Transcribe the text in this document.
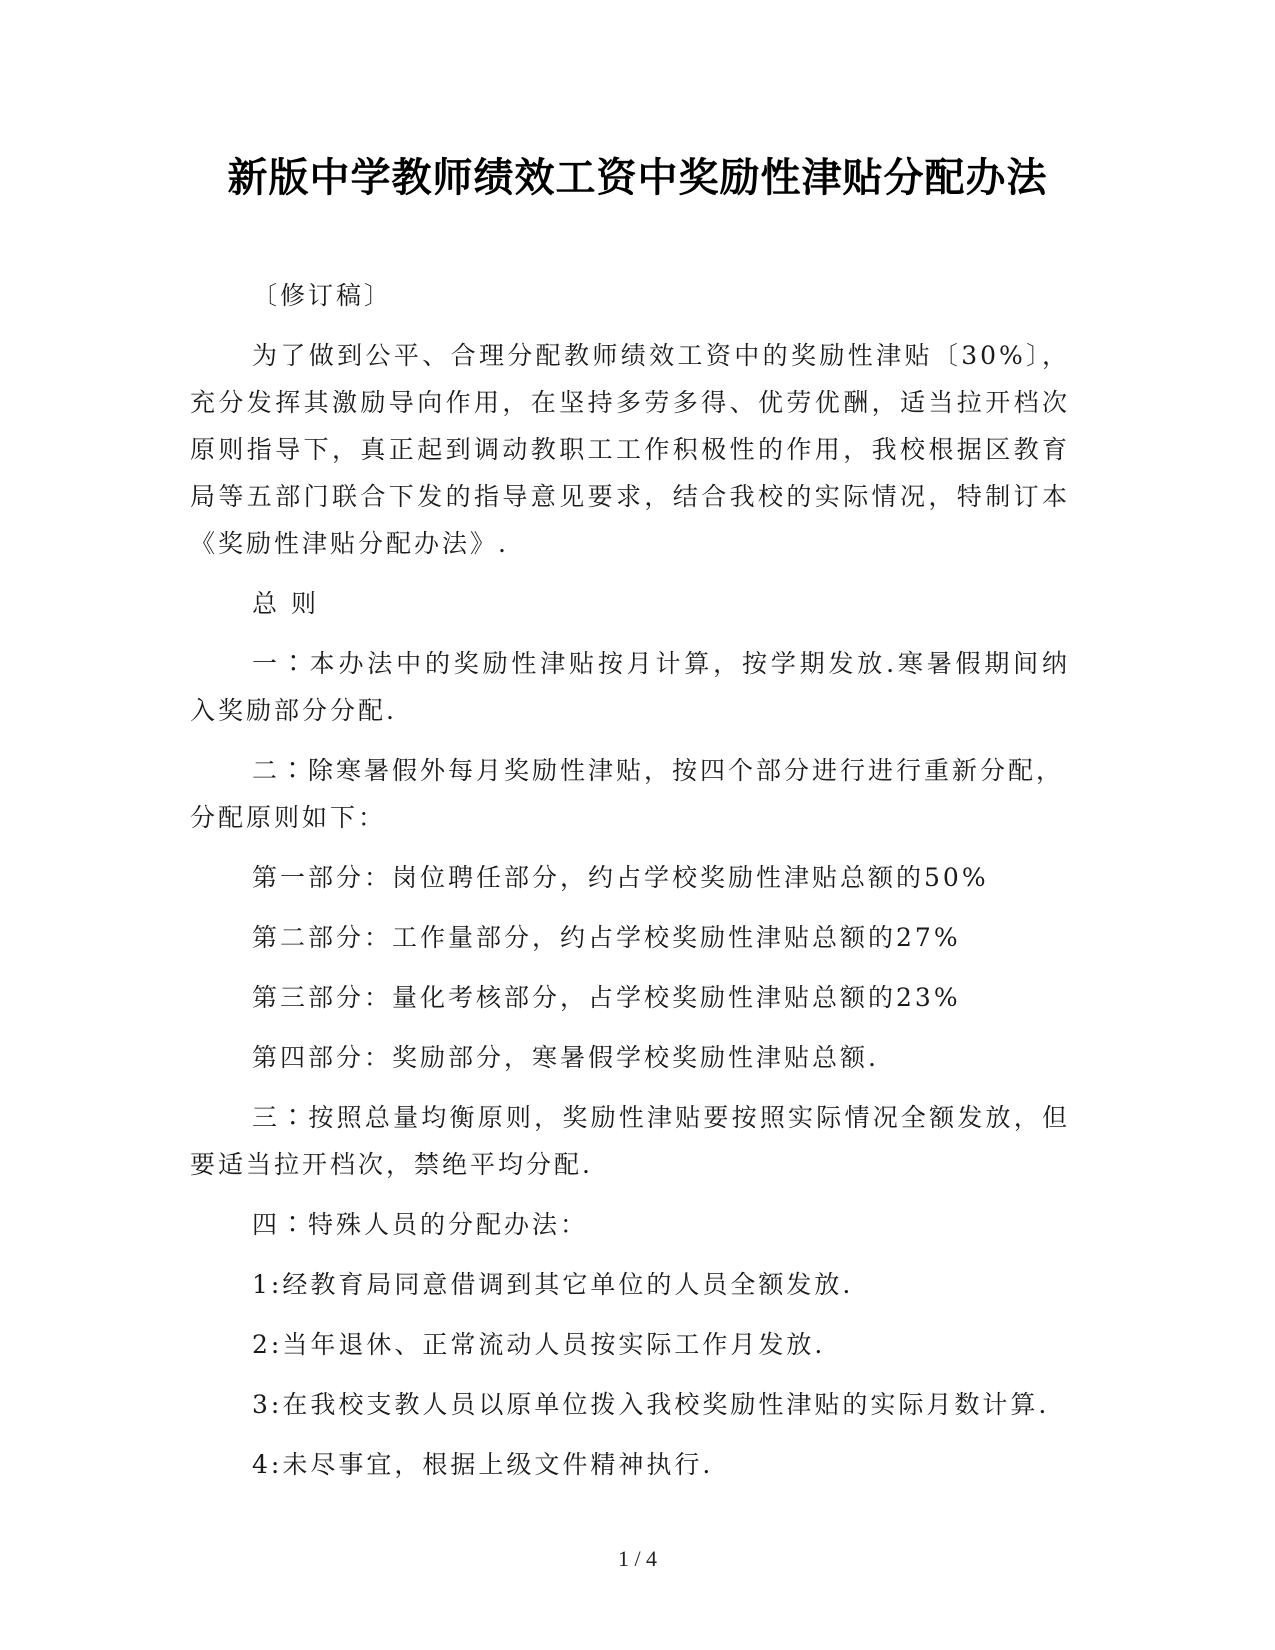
新版中学教师绩效工资中奖励性津贴分配办法

〔修订稿〕

为了做到公平、合理分配教师绩效工资中的奖励性津贴〔30%〕，充分发挥其激励导向作用，在坚持多劳多得、优劳优酬，适当拉开档次原则指导下，真正起到调动教职工工作积极性的作用，我校根据区教育局等五部门联合下发的指导意见要求，结合我校的实际情况，特制订本《奖励性津贴分配办法》.

总 则

一∶本办法中的奖励性津贴按月计算，按学期发放.寒暑假期间纳入奖励部分分配.

二∶除寒暑假外每月奖励性津贴，按四个部分进行进行重新分配，分配原则如下：

第一部分：岗位聘任部分，约占学校奖励性津贴总额的50%

第二部分：工作量部分，约占学校奖励性津贴总额的27%

第三部分：量化考核部分，占学校奖励性津贴总额的23%

第四部分：奖励部分，寒暑假学校奖励性津贴总额.

三∶按照总量均衡原则，奖励性津贴要按照实际情况全额发放，但要适当拉开档次，禁绝平均分配.

四∶特殊人员的分配办法：

1:经教育局同意借调到其它单位的人员全额发放.

2:当年退休、正常流动人员按实际工作月发放.

3:在我校支教人员以原单位拨入我校奖励性津贴的实际月数计算.

4:未尽事宜，根据上级文件精神执行.

1 / 4
